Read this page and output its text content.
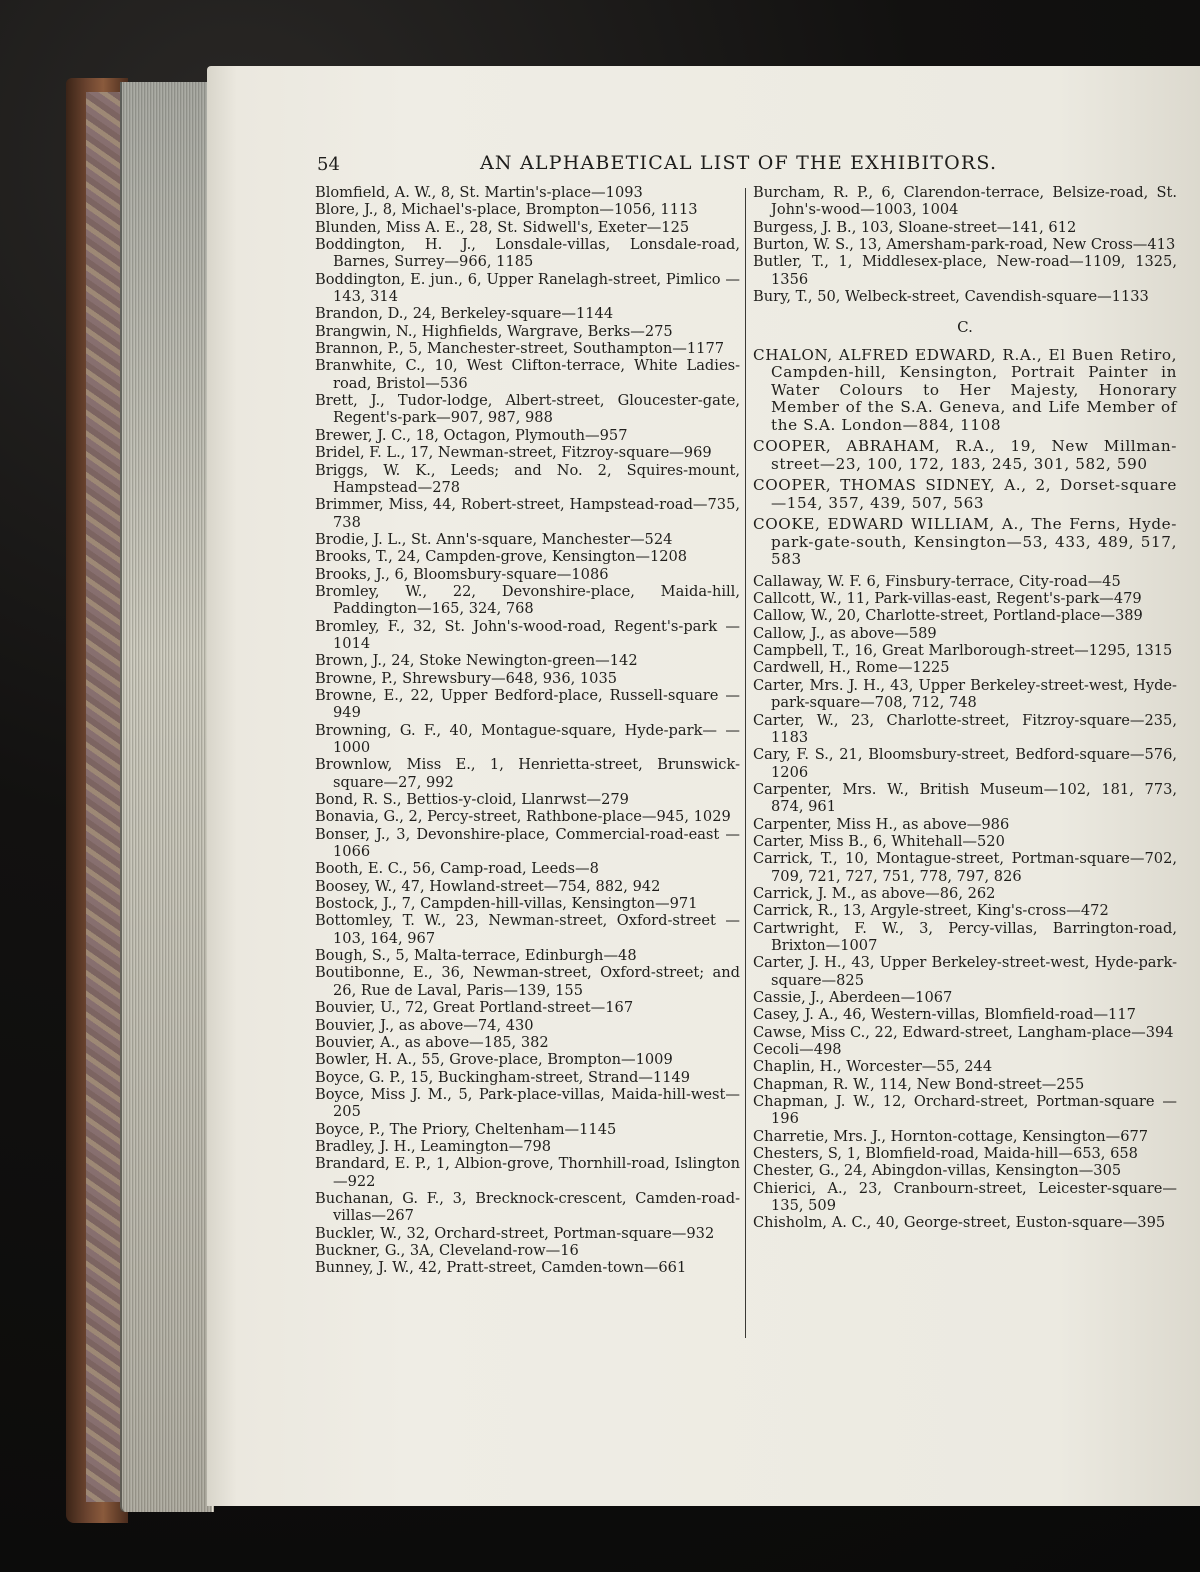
54	AN ALPHABETICAL LIST OF THE EXHIBITORS.
Blomfield, A. W., 8, St. Martin's-place—1093
Blore, J., 8, Michael's-place, Brompton—1056, 1113
Blunden, Miss A. E., 28, St. Sidwell's, Exeter—125
Boddington, H. J., Lonsdale-villas, Lonsdale-road, Barnes, Surrey—966, 1185
Boddington, E. jun., 6, Upper Ranelagh-street, Pimlico —143, 314
Brandon, D., 24, Berkeley-square—1144
Brangwin, N., Highfields, Wargrave, Berks—275
Brannon, P., 5, Manchester-street, Southampton—1177
Branwhite, C., 10, West Clifton-terrace, White Ladies-road, Bristol—536
Brett, J., Tudor-lodge, Albert-street, Gloucester-gate, Regent's-park—907, 987, 988
Brewer, J. C., 18, Octagon, Plymouth—957
Bridel, F. L., 17, Newman-street, Fitzroy-square—969
Briggs, W. K., Leeds; and No. 2, Squires-mount, Hampstead—278
Brimmer, Miss, 44, Robert-street, Hampstead-road—735, 738
Brodie, J. L., St. Ann's-square, Manchester—524
Brooks, T., 24, Campden-grove, Kensington—1208
Brooks, J., 6, Bloomsbury-square—1086
Bromley, W., 22, Devonshire-place, Maida-hill, Paddington—165, 324, 768
Bromley, F., 32, St. John's-wood-road, Regent's-park —1014
Brown, J., 24, Stoke Newington-green—142
Browne, P., Shrewsbury—648, 936, 1035
Browne, E., 22, Upper Bedford-place, Russell-square —949
Browning, G. F., 40, Montague-square, Hyde-park— —1000
Brownlow, Miss E., 1, Henrietta-street, Brunswick-square—27, 992
Bond, R. S., Bettios-y-cloid, Llanrwst—279
Bonavia, G., 2, Percy-street, Rathbone-place—945, 1029
Bonser, J., 3, Devonshire-place, Commercial-road-east —1066
Booth, E. C., 56, Camp-road, Leeds—8
Boosey, W., 47, Howland-street—754, 882, 942
Bostock, J., 7, Campden-hill-villas, Kensington—971
Bottomley, T. W., 23, Newman-street, Oxford-street —103, 164, 967
Bough, S., 5, Malta-terrace, Edinburgh—48
Boutibonne, E., 36, Newman-street, Oxford-street; and 26, Rue de Laval, Paris—139, 155
Bouvier, U., 72, Great Portland-street—167
Bouvier, J., as above—74, 430
Bouvier, A., as above—185, 382
Bowler, H. A., 55, Grove-place, Brompton—1009
Boyce, G. P., 15, Buckingham-street, Strand—1149
Boyce, Miss J. M., 5, Park-place-villas, Maida-hill-west—205
Boyce, P., The Priory, Cheltenham—1145
Bradley, J. H., Leamington—798
Brandard, E. P., 1, Albion-grove, Thornhill-road, Islington—922
Buchanan, G. F., 3, Brecknock-crescent, Camden-road-villas—267
Buckler, W., 32, Orchard-street, Portman-square—932
Buckner, G., 3A, Cleveland-row—16
Bunney, J. W., 42, Pratt-street, Camden-town—661
Burcham, R. P., 6, Clarendon-terrace, Belsize-road, St. John's-wood—1003, 1004
Burgess, J. B., 103, Sloane-street—141, 612
Burton, W. S., 13, Amersham-park-road, New Cross—413
Butler, T., 1, Middlesex-place, New-road—1109, 1325, 1356
Bury, T., 50, Welbeck-street, Cavendish-square—1133
C.
CHALON, ALFRED EDWARD, R.A., El Buen Retiro, Campden-hill, Kensington, Portrait Painter in Water Colours to Her Majesty, Honorary Member of the S.A. Geneva, and Life Member of the S.A. London—884, 1108
COOPER, ABRAHAM, R.A., 19, New Millman-street—23, 100, 172, 183, 245, 301, 582, 590
COOPER, THOMAS SIDNEY, A., 2, Dorset-square —154, 357, 439, 507, 563
COOKE, EDWARD WILLIAM, A., The Ferns, Hyde-park-gate-south, Kensington—53, 433, 489, 517, 583
Callaway, W. F. 6, Finsbury-terrace, City-road—45
Callcott, W., 11, Park-villas-east, Regent's-park—479
Callow, W., 20, Charlotte-street, Portland-place—389
Callow, J., as above—589
Campbell, T., 16, Great Marlborough-street—1295, 1315
Cardwell, H., Rome—1225
Carter, Mrs. J. H., 43, Upper Berkeley-street-west, Hyde-park-square—708, 712, 748
Carter, W., 23, Charlotte-street, Fitzroy-square—235, 1183
Cary, F. S., 21, Bloomsbury-street, Bedford-square—576, 1206
Carpenter, Mrs. W., British Museum—102, 181, 773, 874, 961
Carpenter, Miss H., as above—986
Carter, Miss B., 6, Whitehall—520
Carrick, T., 10, Montague-street, Portman-square—702, 709, 721, 727, 751, 778, 797, 826
Carrick, J. M., as above—86, 262
Carrick, R., 13, Argyle-street, King's-cross—472
Cartwright, F. W., 3, Percy-villas, Barrington-road, Brixton—1007
Carter, J. H., 43, Upper Berkeley-street-west, Hyde-park-square—825
Cassie, J., Aberdeen—1067
Casey, J. A., 46, Western-villas, Blomfield-road—117
Cawse, Miss C., 22, Edward-street, Langham-place—394
Cecoli—498
Chaplin, H., Worcester—55, 244
Chapman, R. W., 114, New Bond-street—255
Chapman, J. W., 12, Orchard-street, Portman-square —196
Charretie, Mrs. J., Hornton-cottage, Kensington—677
Chesters, S, 1, Blomfield-road, Maida-hill—653, 658
Chester, G., 24, Abingdon-villas, Kensington—305
Chierici, A., 23, Cranbourn-street, Leicester-square—135, 509
Chisholm, A. C., 40, George-street, Euston-square—395
